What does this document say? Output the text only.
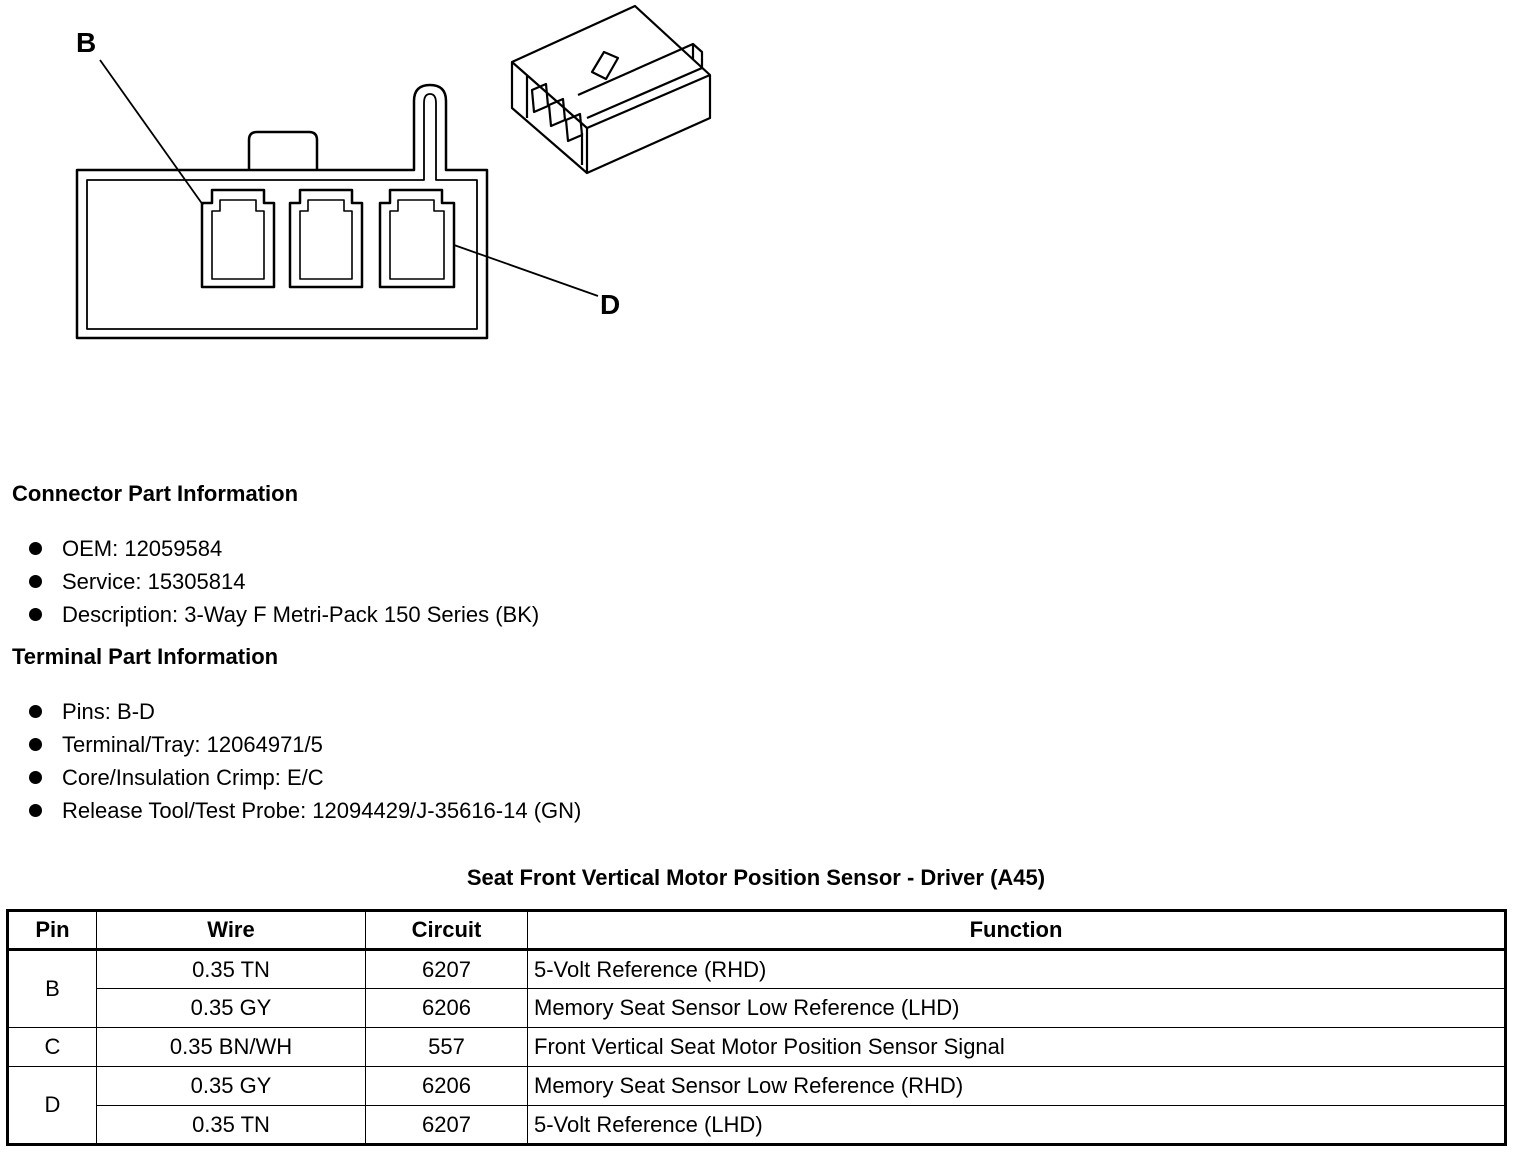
B
D
Connector Part Information
OEM: 12059584
Service: 15305814
Description: 3-Way F Metri-Pack 150 Series (BK)
Terminal Part Information
Pins: B-D
Terminal/Tray: 12064971/5
Core/Insulation Crimp: E/C
Release Tool/Test Probe: 12094429/J-35616-14 (GN)
Seat Front Vertical Motor Position Sensor - Driver (A45)
Pin	Wire	Circuit	Function
B	0.35 TN	6207	5-Volt Reference (RHD)
	0.35 GY	6206	Memory Seat Sensor Low Reference (LHD)
C	0.35 BN/WH	557	Front Vertical Seat Motor Position Sensor Signal
D	0.35 GY	6206	Memory Seat Sensor Low Reference (RHD)
	0.35 TN	6207	5-Volt Reference (LHD)
